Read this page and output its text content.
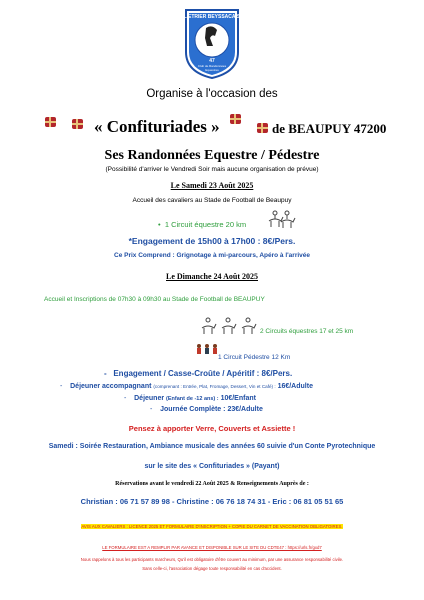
L'ETRIER BEYSSACAIS
47
Club de Randonnées
Equestres
Organise à l'occasion des
« Confituriades »	de BEAUPUY 47200
Ses Randonnées Equestre / Pédestre
(Possibilité d'arriver le Vendredi Soir mais aucune organisation de prévue)
Le Samedi 23 Août 2025
Accueil des cavaliers au Stade de Football de Beaupuy
• 1 Circuit équestre 20 km
*Engagement de 15h00 à 17h00 : 8€/Pers.
Ce Prix Comprend : Grignotage à mi-parcours, Apéro à l'arrivée
Le Dimanche 24 Août 2025
Accueil et Inscriptions de 07h30 à 09h30 au Stade de Football de BEAUPUY
2 Circuits équestres 17 et 25 km
1 Circuit Pédestre 12 Km
-   Engagement / Casse-Croûte / Apéritif : 8€/Pers.
-    Déjeuner accompagnant (comprenant : Entrée, Plat, Fromage, Dessert, Vin et Café) : 16€/Adulte
-    Déjeuner (Enfant de -12 ans) : 10€/Enfant
-    Journée Complète : 23€/Adulte
Pensez à apporter Verre, Couverts et Assiette !
Samedi : Soirée Restauration, Ambiance musicale des années 60 suivie d'un Conte Pyrotechnique
sur le site des « Confituriades » (Payant)
Réservations avant le vendredi 22 Août 2025 & Renseignements Auprès de :
Christian : 06 71 57 89 98 - Christine : 06 76 18 74 31 - Eric : 06 81 05 51 65
AVIS AUX CAVALIERS : LICENCE 2025 ET FORMULAIRE D'INSCRIPTION + COPIE DU CARNET DE VACCINATION OBLIGATOIRES.
LE FORMULAIRE EST A REMPLIR PAR AVANCE ET DISPONIBLE SUR LE SITE DU CDTE47 : https://urls.fr/gxd7
Nous rappelons à tous les participants marcheurs, Qu'il est obligatoire d'être couvert au minimum, par une assurance responsabilité civile.
Sans celle-ci, l'association dégage toute responsabilité en cas d'accident.
